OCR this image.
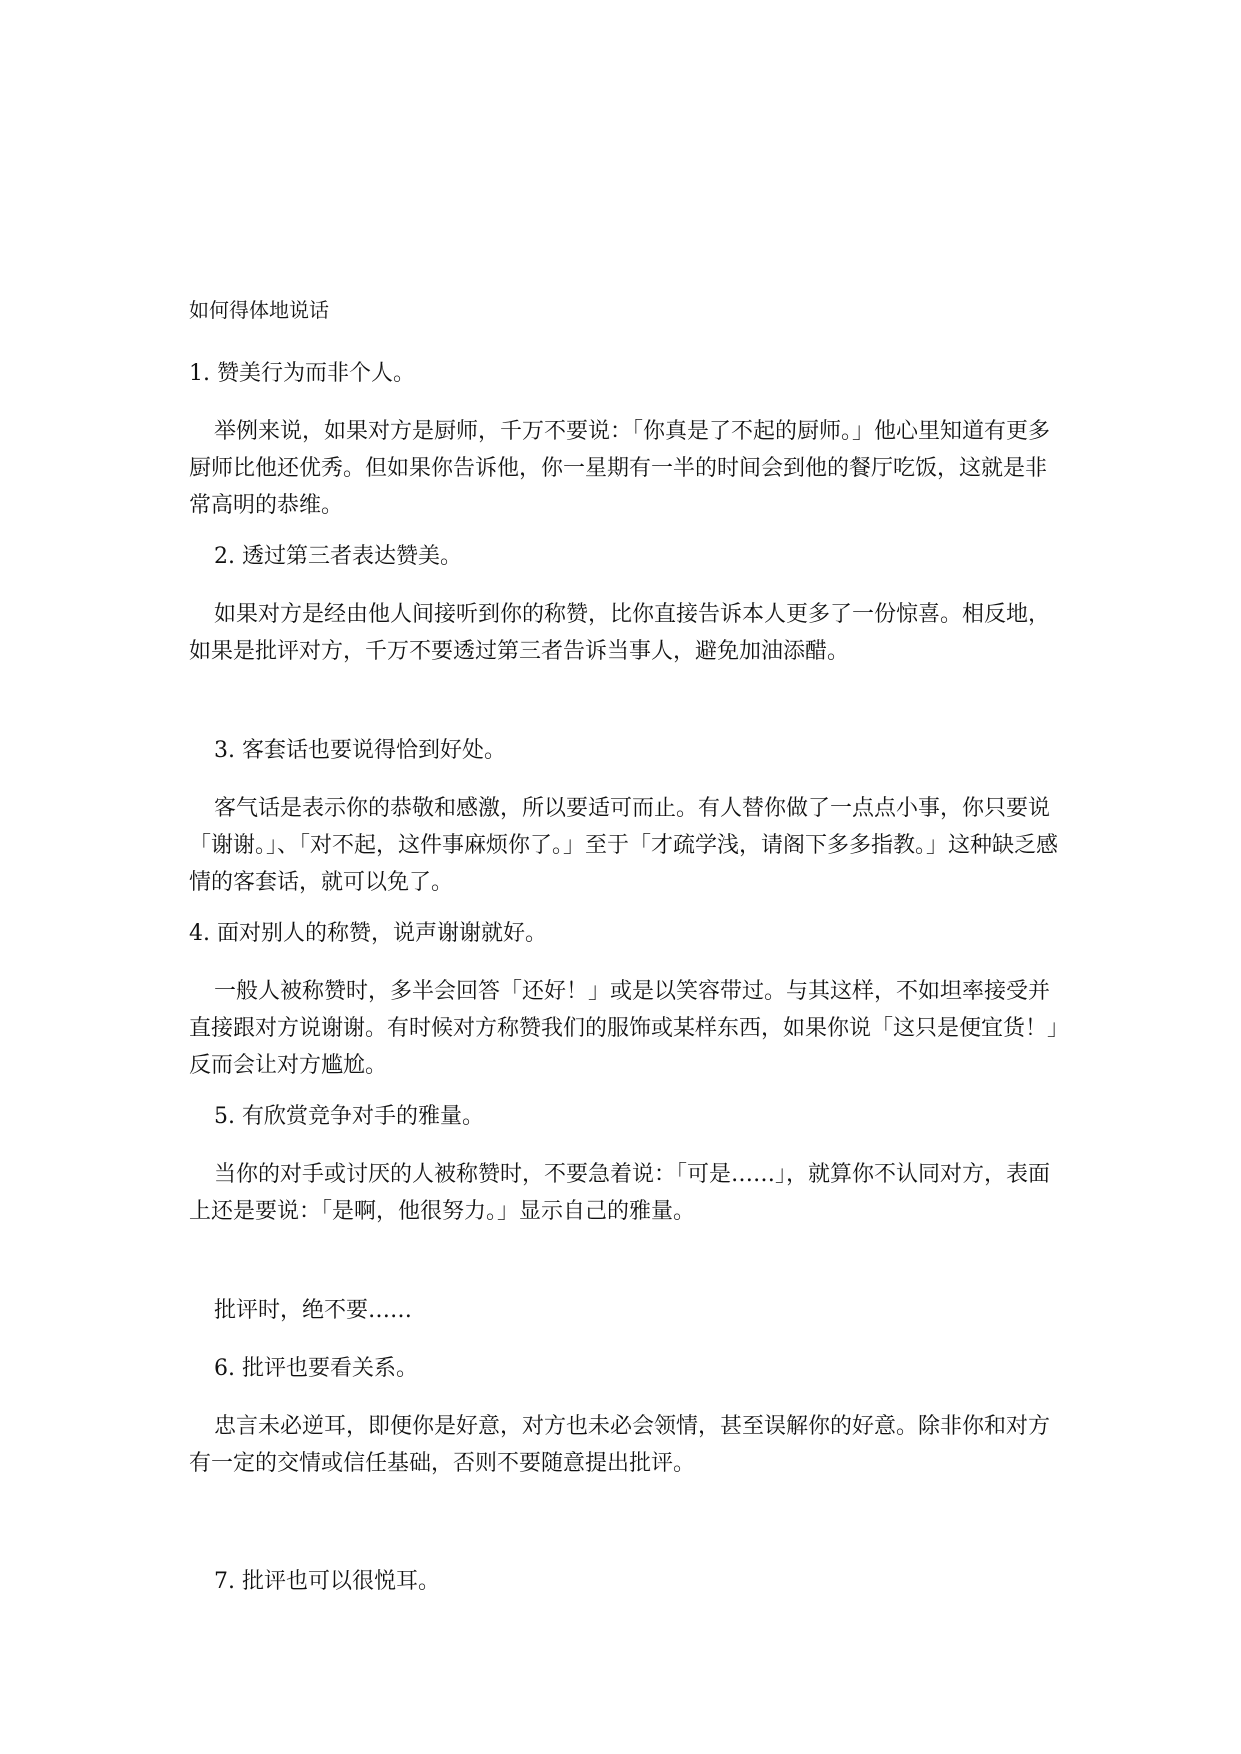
如何得体地说话

1. 赞美行为而非个人。

举例来说，如果对方是厨师，千万不要说：「你真是了不起的厨师。」他心里知道有更多厨师比他还优秀。但如果你告诉他，你一星期有一半的时间会到他的餐厅吃饭，这就是非常高明的恭维。

2. 透过第三者表达赞美。

如果对方是经由他人间接听到你的称赞，比你直接告诉本人更多了一份惊喜。相反地，如果是批评对方，千万不要透过第三者告诉当事人，避免加油添醋。

3. 客套话也要说得恰到好处。

客气话是表示你的恭敬和感激，所以要适可而止。有人替你做了一点点小事，你只要说「谢谢。」、「对不起，这件事麻烦你了。」至于「才疏学浅，请阁下多多指教。」这种缺乏感情的客套话，就可以免了。

4. 面对别人的称赞，说声谢谢就好。

一般人被称赞时，多半会回答「还好！」或是以笑容带过。与其这样，不如坦率接受并直接跟对方说谢谢。有时候对方称赞我们的服饰或某样东西，如果你说「这只是便宜货！」反而会让对方尴尬。

5. 有欣赏竞争对手的雅量。

当你的对手或讨厌的人被称赞时，不要急着说：「可是……」，就算你不认同对方，表面上还是要说：「是啊，他很努力。」显示自己的雅量。

批评时，绝不要……

6. 批评也要看关系。

忠言未必逆耳，即便你是好意，对方也未必会领情，甚至误解你的好意。除非你和对方有一定的交情或信任基础，否则不要随意提出批评。

7. 批评也可以很悦耳。
